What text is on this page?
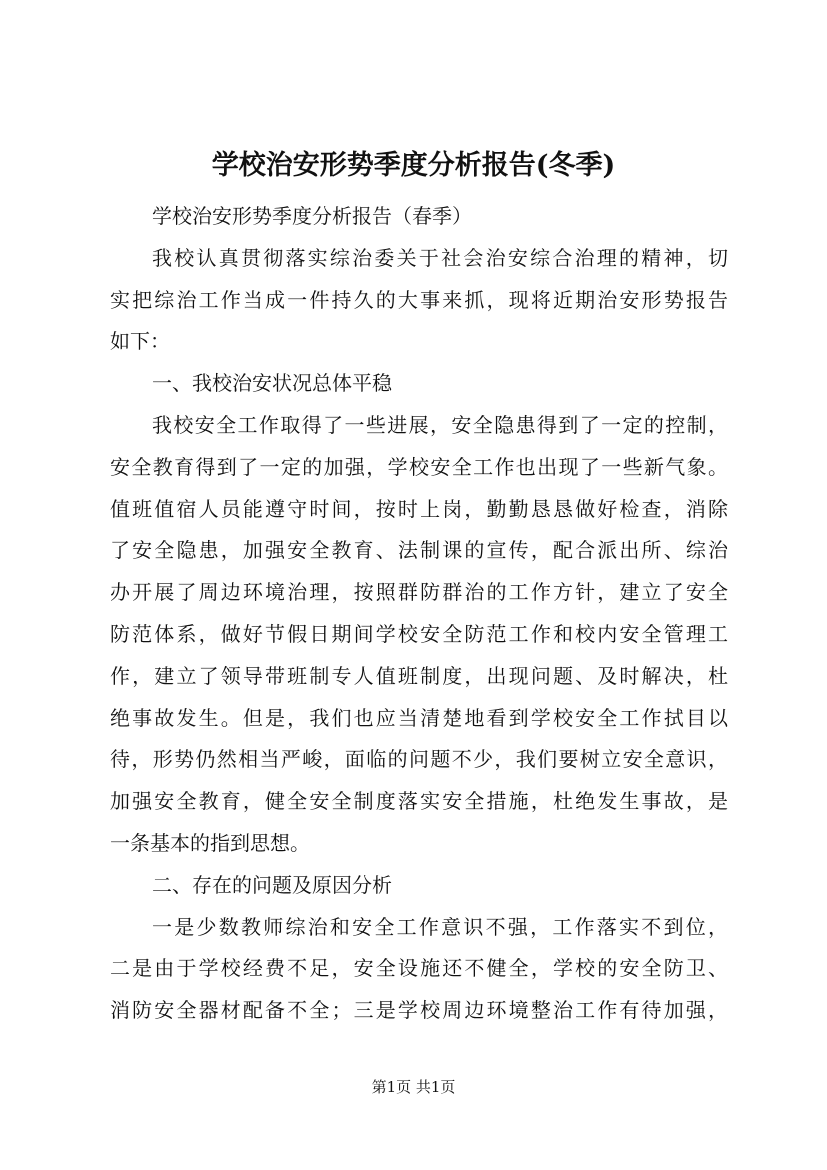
学校治安形势季度分析报告(冬季)
学校治安形势季度分析报告（春季）
我校认真贯彻落实综治委关于社会治安综合治理的精神，切
实把综治工作当成一件持久的大事来抓，现将近期治安形势报告
如下：
一、我校治安状况总体平稳
我校安全工作取得了一些进展，安全隐患得到了一定的控制，
安全教育得到了一定的加强，学校安全工作也出现了一些新气象。
值班值宿人员能遵守时间，按时上岗，勤勤恳恳做好检查，消除
了安全隐患，加强安全教育、法制课的宣传，配合派出所、综治
办开展了周边环境治理，按照群防群治的工作方针，建立了安全
防范体系，做好节假日期间学校安全防范工作和校内安全管理工
作，建立了领导带班制专人值班制度，出现问题、及时解决，杜
绝事故发生。但是，我们也应当清楚地看到学校安全工作拭目以
待，形势仍然相当严峻，面临的问题不少，我们要树立安全意识，
加强安全教育，健全安全制度落实安全措施，杜绝发生事故，是
一条基本的指到思想。
二、存在的问题及原因分析
一是少数教师综治和安全工作意识不强，工作落实不到位，
二是由于学校经费不足，安全设施还不健全，学校的安全防卫、
消防安全器材配备不全；三是学校周边环境整治工作有待加强，
第1页 共1页
